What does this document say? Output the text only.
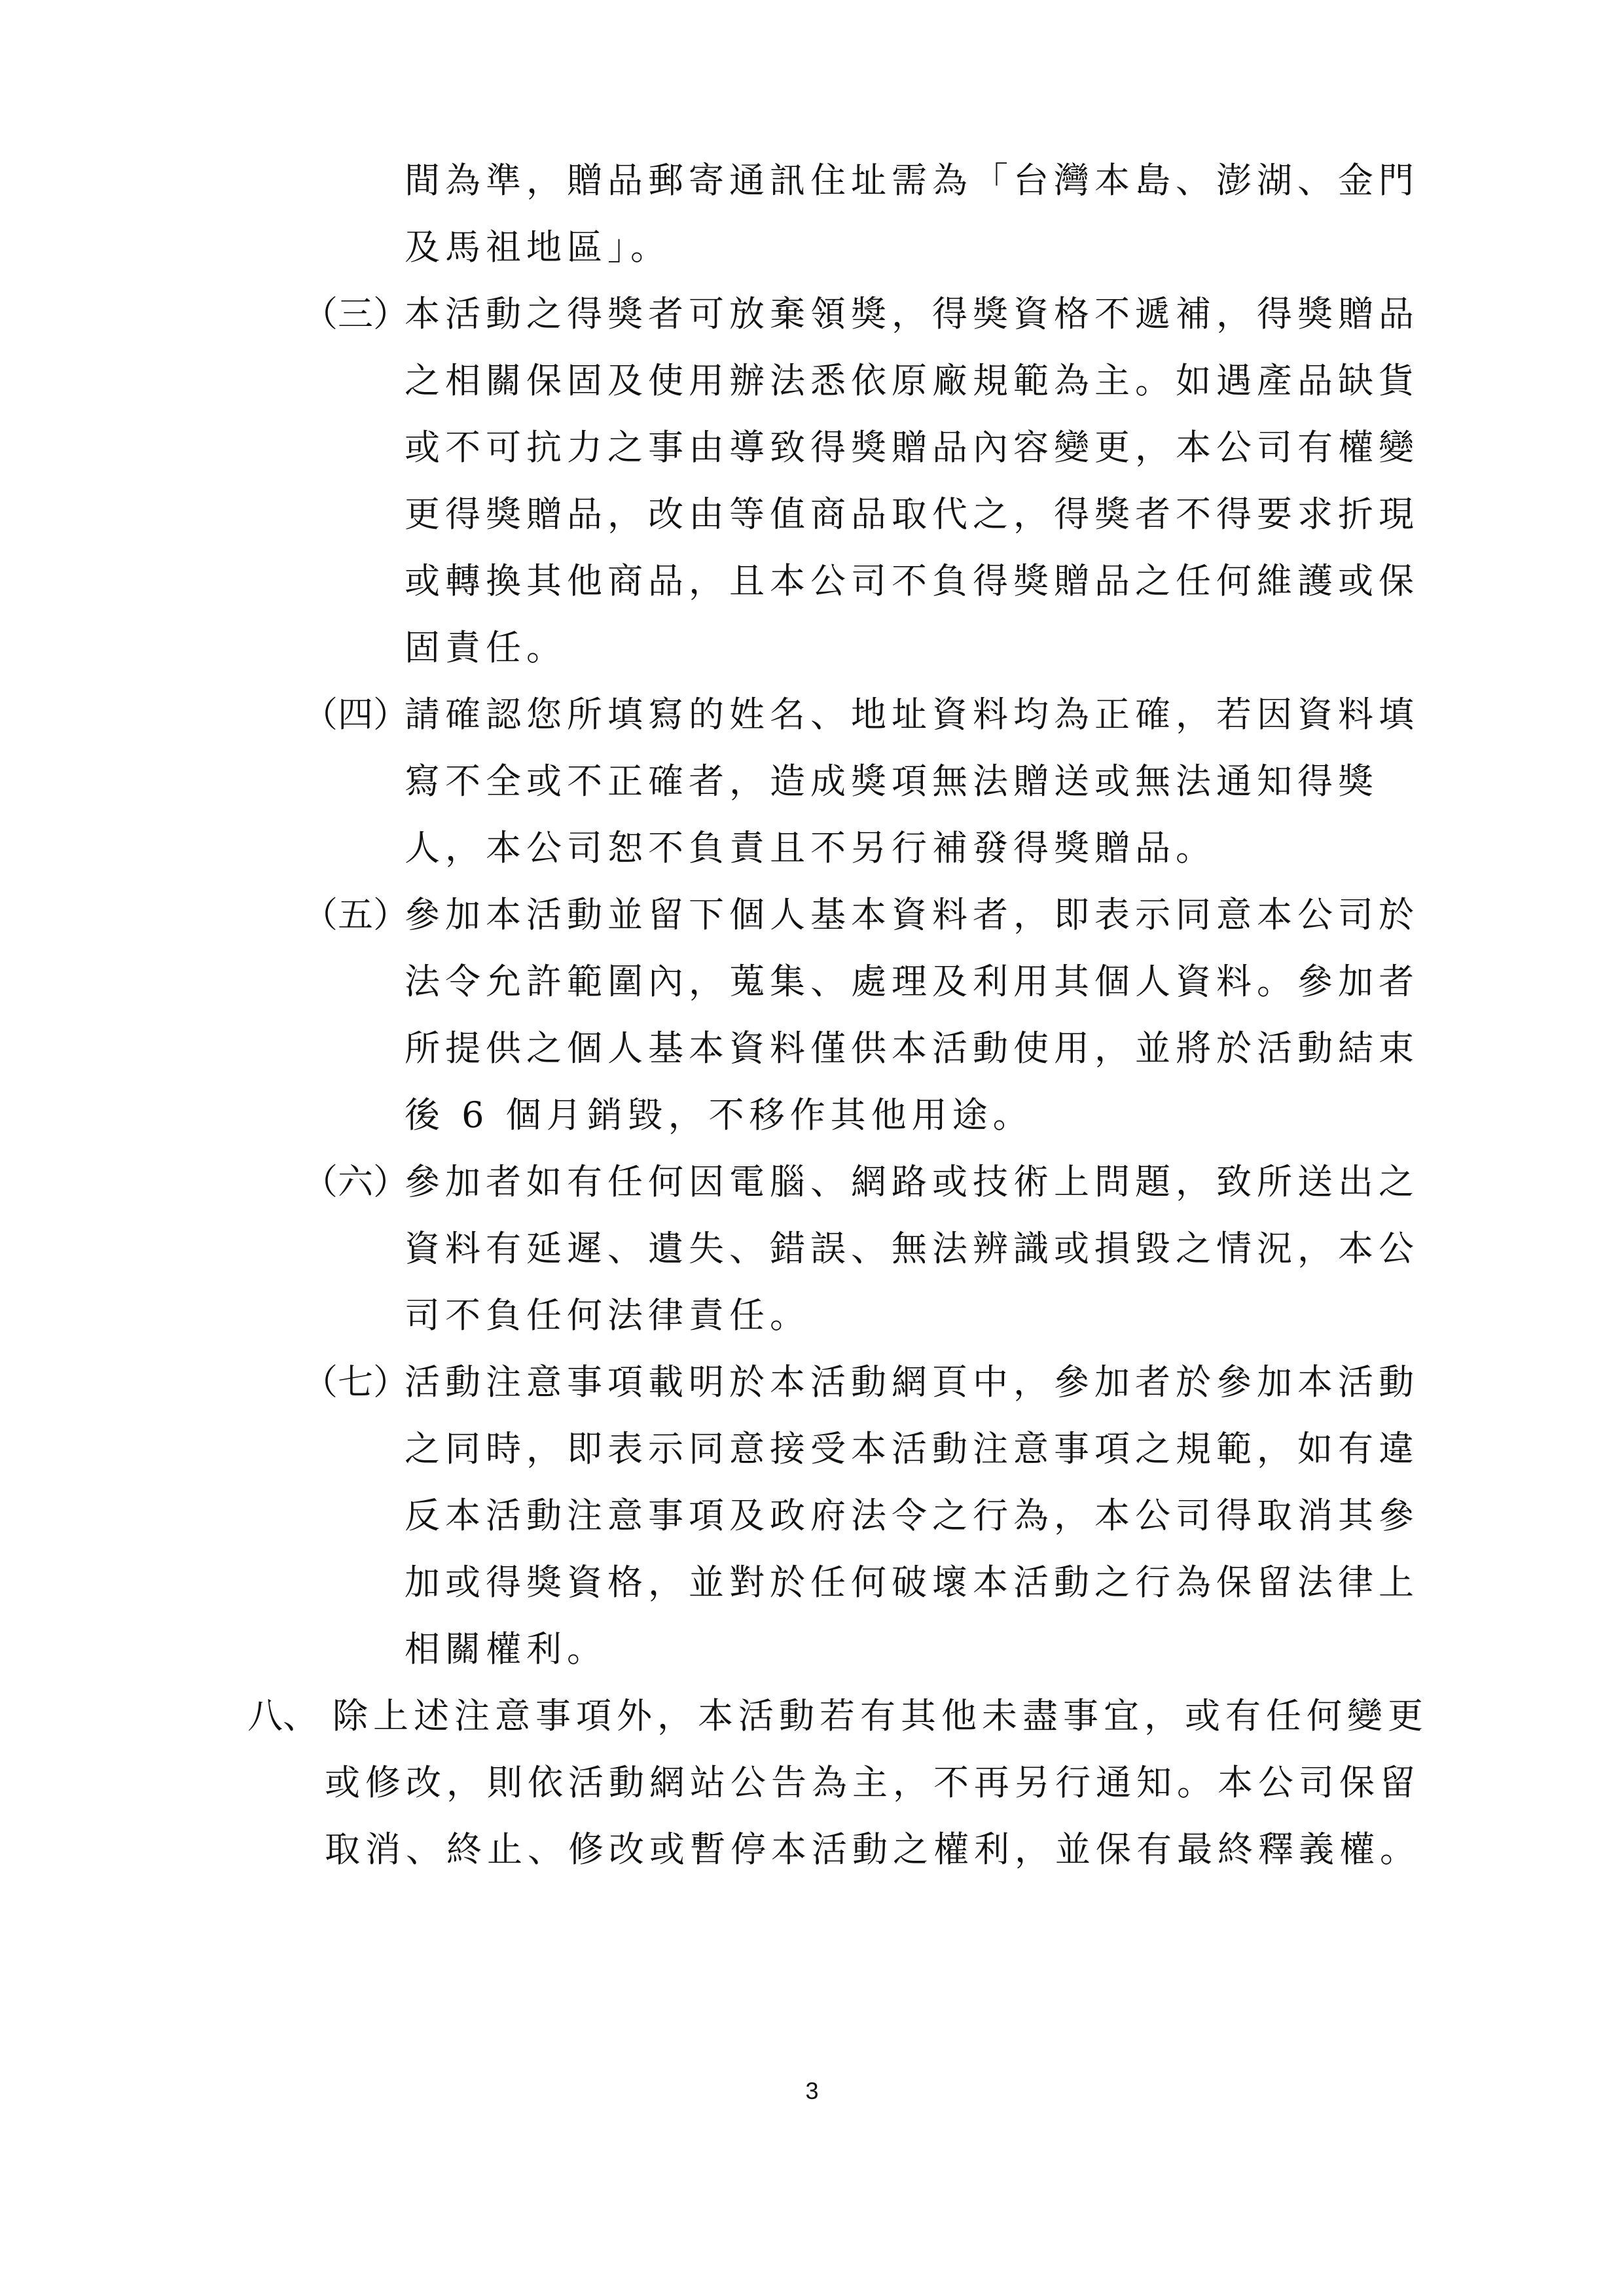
間為準，贈品郵寄通訊住址需為「台灣本島、澎湖、金門
及馬祖地區」。
（三）
本活動之得獎者可放棄領獎，得獎資格不遞補，得獎贈品
之相關保固及使用辦法悉依原廠規範為主。如遇產品缺貨
或不可抗力之事由導致得獎贈品內容變更，本公司有權變
更得獎贈品，改由等值商品取代之，得獎者不得要求折現
或轉換其他商品，且本公司不負得獎贈品之任何維護或保
固責任。
（四）
請確認您所填寫的姓名、地址資料均為正確，若因資料填
寫不全或不正確者，造成獎項無法贈送或無法通知得獎
人，本公司恕不負責且不另行補發得獎贈品。
（五）
參加本活動並留下個人基本資料者，即表示同意本公司於
法令允許範圍內，蒐集、處理及利用其個人資料。參加者
所提供之個人基本資料僅供本活動使用，並將於活動結束
後 6 個月銷毀，不移作其他用途。
（六）
參加者如有任何因電腦、網路或技術上問題，致所送出之
資料有延遲、遺失、錯誤、無法辨識或損毀之情況，本公
司不負任何法律責任。
（七）
活動注意事項載明於本活動網頁中，參加者於參加本活動
之同時，即表示同意接受本活動注意事項之規範，如有違
反本活動注意事項及政府法令之行為，本公司得取消其參
加或得獎資格，並對於任何破壞本活動之行為保留法律上
相關權利。
八、 除上述注意事項外，本活動若有其他未盡事宜，或有任何變更
或修改，則依活動網站公告為主，不再另行通知。本公司保留
取消、終止、修改或暫停本活動之權利，並保有最終釋義權。
3
